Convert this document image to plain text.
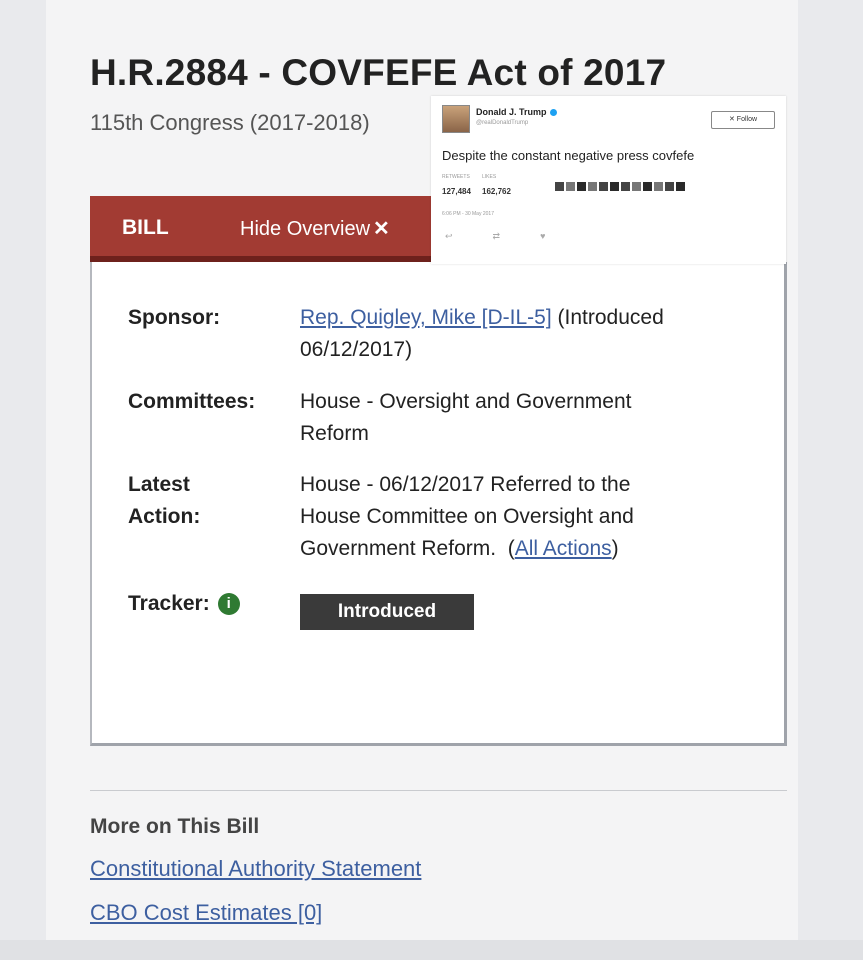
H.R.2884 - COVFEFE Act of 2017
115th Congress (2017-2018)	Donald J. Trump
@realDonaldTrump	✕︎ Follow
Despite the constant negative press covfefe
RETWEETS LIKES
127,484 162,762
6:06 PM - 30 May 2017
↩︎	⇄︎	♥︎
BILL	Hide Overview ✕
Sponsor:	Rep. Quigley, Mike [D-IL-5] (Introduced
06/12/2017)
Committees: House - Oversight and Government
Reform
Latest
Action:
House - 06/12/2017 Referred to the
House Committee on Oversight and
Government Reform. (All Actions)
Tracker: i	Introduced
More on This Bill
Constitutional Authority Statement
CBO Cost Estimates [0]
